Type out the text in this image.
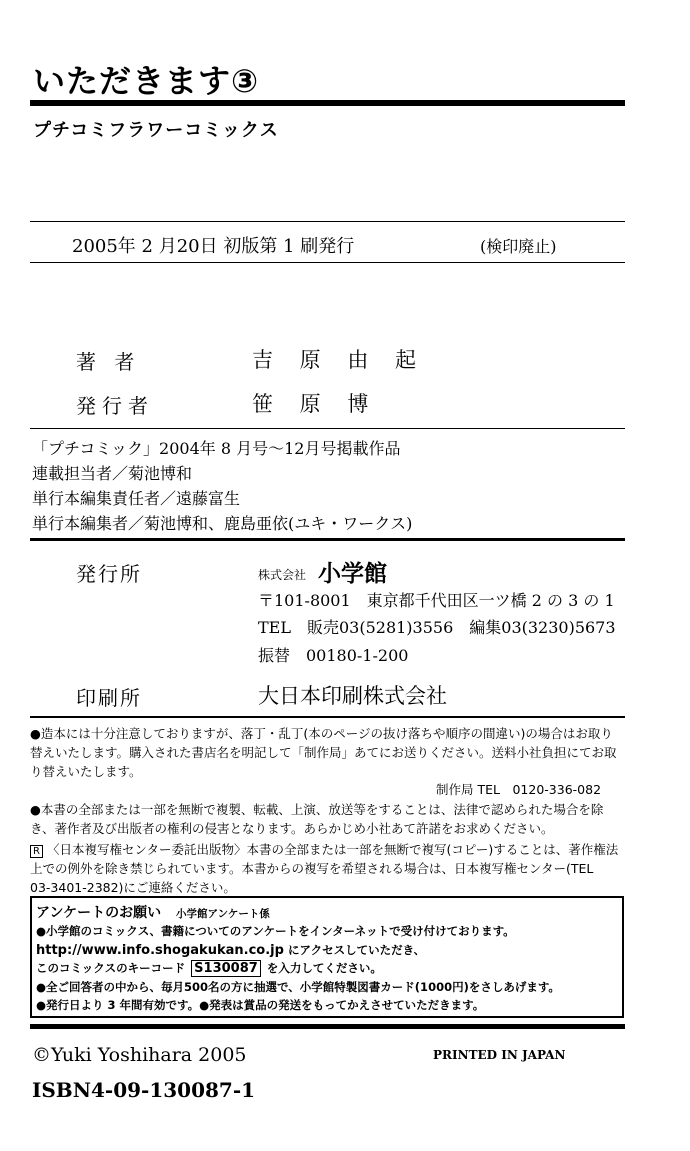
いただきます③
プチコミフラワーコミックス
2005年 2 月20日 初版第 1 刷発行	(検印廃止)
著 者	吉 原 由 起
発行者	笹 原 博
「プチコミック」2004年 8 月号～12月号掲載作品
連載担当者／菊池博和
単行本編集責任者／遠藤富生
単行本編集者／菊池博和、鹿島亜依(ユキ・ワークス)
発行所	株式会社 小学館
〒101-8001　東京都千代田区一ツ橋 2 の 3 の 1
TEL　販売03(5281)3556　編集03(3230)5673
振替　00180-1-200
印刷所	大日本印刷株式会社
●造本には十分注意しておりますが、落丁・乱丁(本のページの抜け落ちや順序の間違い)の場合はお取り替えいたします。購入された書店名を明記して「制作局」あてにお送りください。送料小社負担にてお取り替えいたします。
制作局 TEL　0120-336-082
●本書の全部または一部を無断で複製、転載、上演、放送等をすることは、法律で認められた場合を除き、著作者及び出版者の権利の侵害となります。あらかじめ小社あて許諾をお求めください。
R 〈日本複写権センター委託出版物〉本書の全部または一部を無断で複写(コピー)することは、著作権法上での例外を除き禁じられています。本書からの複写を希望される場合は、日本複写権センター(TEL　03-3401-2382)にご連絡ください。
アンケートのお願い 小学館アンケート係
●小学館のコミックス、書籍についてのアンケートをインターネットで受け付けております。
http://www.info.shogakukan.co.jp にアクセスしていただき、
このコミックスのキーコード S130087 を入力してください。
●全ご回答者の中から、毎月500名の方に抽選で、小学館特製図書カード(1000円)をさしあげます。
●発行日より 3 年間有効です。●発表は賞品の発送をもってかえさせていただきます。
©Yuki Yoshihara 2005	PRINTED IN JAPAN
ISBN4-09-130087-1
